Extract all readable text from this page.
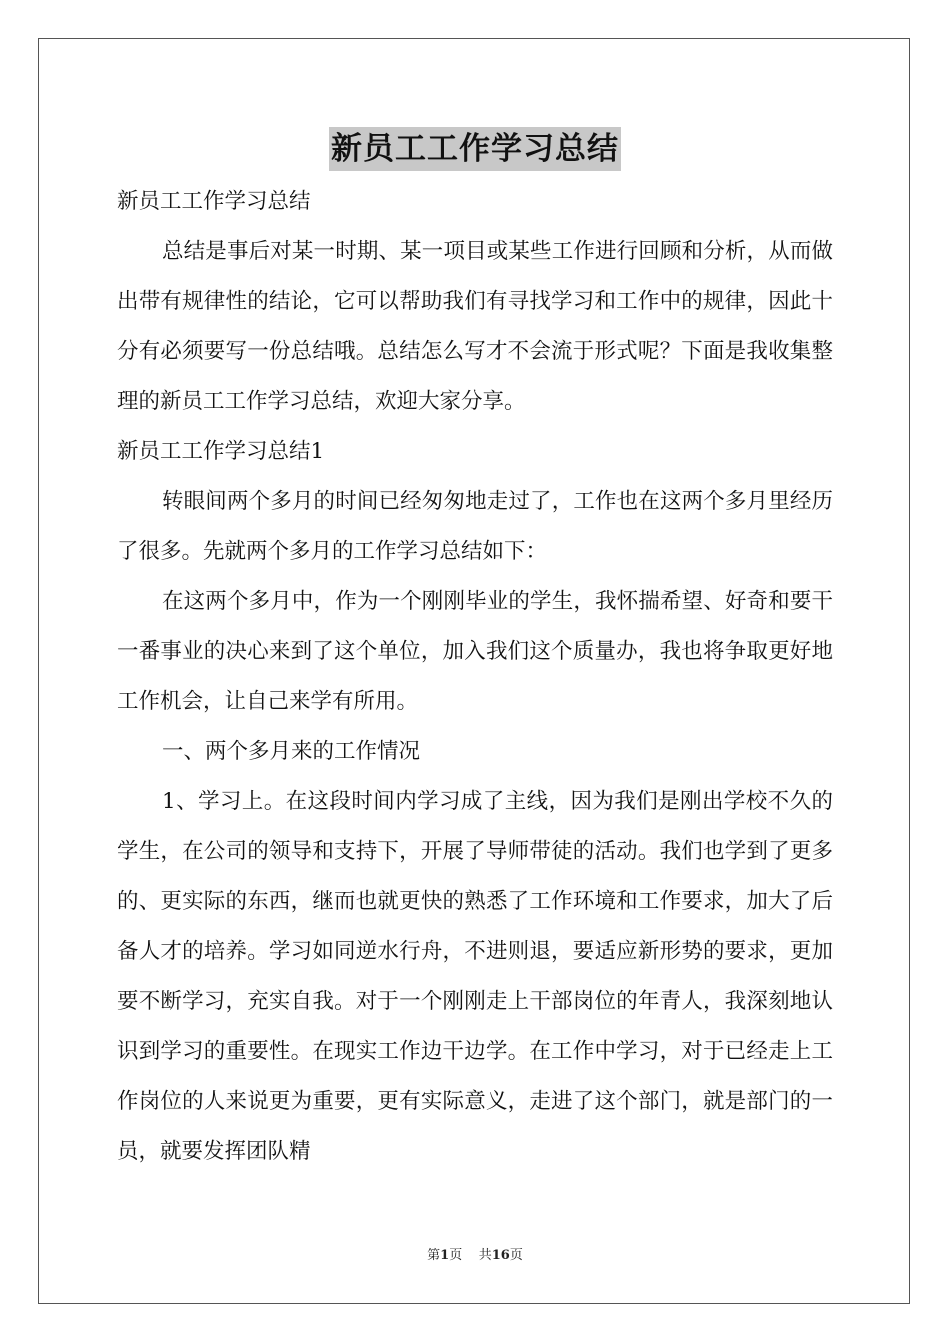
新员工工作学习总结

新员工工作学习总结

总结是事后对某一时期、某一项目或某些工作进行回顾和分析，从而做出带有规律性的结论，它可以帮助我们有寻找学习和工作中的规律，因此十分有必须要写一份总结哦。总结怎么写才不会流于形式呢？下面是我收集整理的新员工工作学习总结，欢迎大家分享。

新员工工作学习总结1

转眼间两个多月的时间已经匆匆地走过了，工作也在这两个多月里经历了很多。先就两个多月的工作学习总结如下：

在这两个多月中，作为一个刚刚毕业的学生，我怀揣希望、好奇和要干一番事业的决心来到了这个单位，加入我们这个质量办，我也将争取更好地工作机会，让自己来学有所用。

一、两个多月来的工作情况

1、学习上。在这段时间内学习成了主线，因为我们是刚出学校不久的学生，在公司的领导和支持下，开展了导师带徒的活动。我们也学到了更多的、更实际的东西，继而也就更快的熟悉了工作环境和工作要求，加大了后备人才的培养。学习如同逆水行舟，不进则退，要适应新形势的要求，更加要不断学习，充实自我。对于一个刚刚走上干部岗位的年青人，我深刻地认识到学习的重要性。在现实工作边干边学。在工作中学习，对于已经走上工作岗位的人来说更为重要，更有实际意义，走进了这个部门，就是部门的一员，就要发挥团队精

第1页 共16页
